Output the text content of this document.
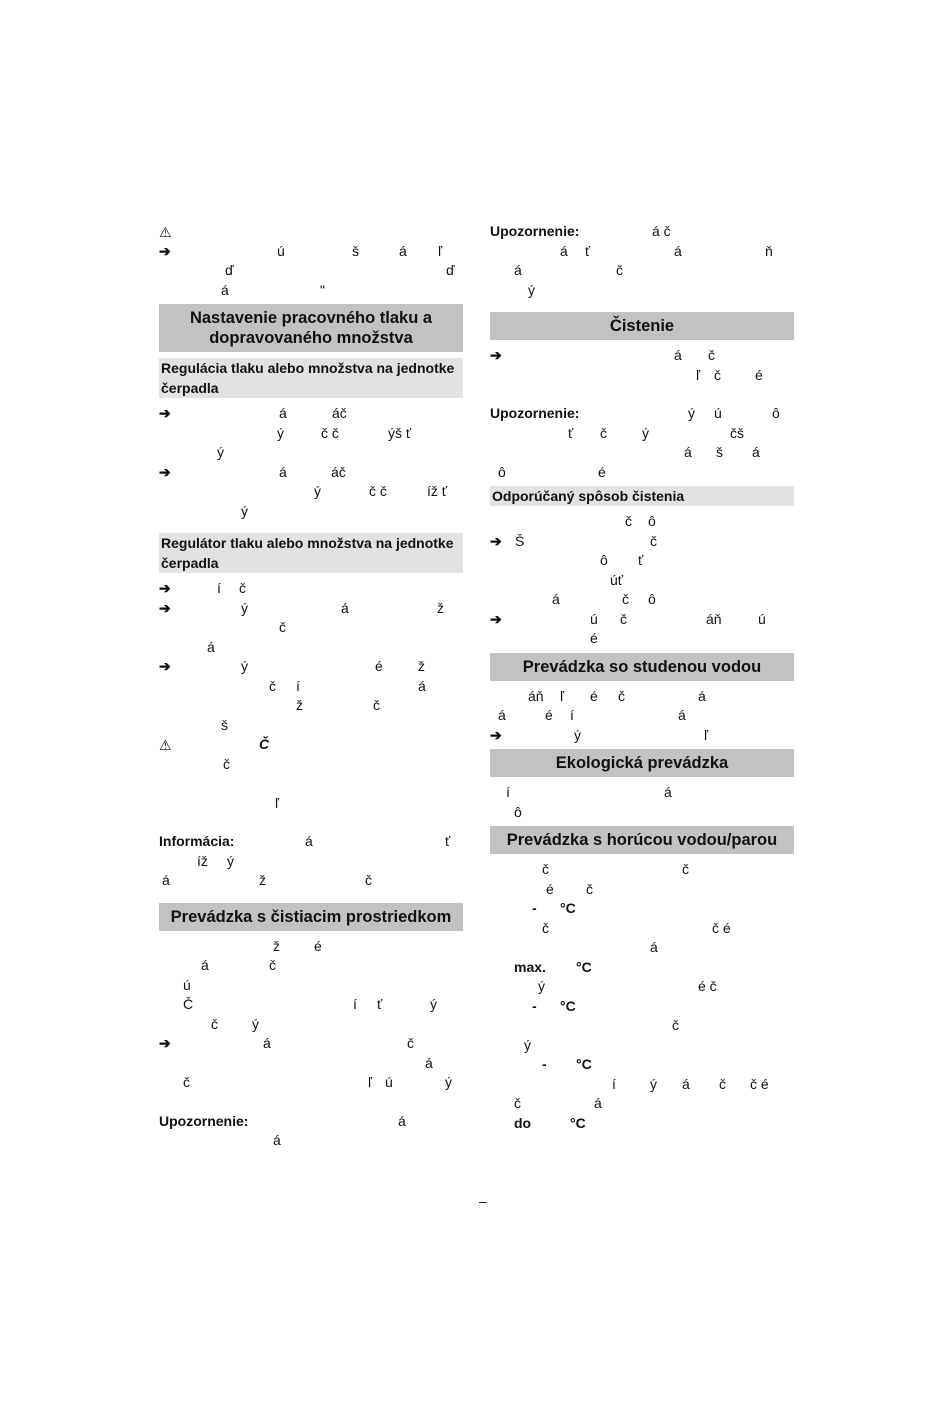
⚠
➔	ú	š	á ľ
ď	ď
á	"
Nastavenie pracovného tlaku a dopravovaného množstva
Regulácia tlaku alebo množstva na jednotke čerpadla
➔	á	áč
ý	č č	ýš ť
ý
➔	á	áč
ý	č č	íž ť
ý
Regulátor tlaku alebo množstva na jednotke čerpadla
➔	í č
➔	ý	á	ž
č
á
➔	ý	é	ž
č í	á
ž	č
š
⚠	Č
č
ľ
Informácia:	á	ť
íž ý
á	ž	č
Prevádzka s čistiacim prostriedkom
ž é
á	č
ú
Č	í ť	ý
č ý
➔	á	č
á
č	ľ ú	ý
Upozornenie:	á
á
Upozornenie:	á č
á ť	á	ň
á	č
ý
Čistenie
➔	á č
ľ č é
Upozornenie:	ý ú	ô
ť č	ý	čš
á š á
ô	é
Odporúčaný spôsob čistenia
č ô
➔ Š	č
ô ť
úť
á	č ô
➔	ú č	áň	ú
é
Prevádzka so studenou vodou
áň ľ é č	á
á	é í	á
➔	ý	ľ
Ekologická prevádzka
í	á
ô
Prevádzka s horúcou vodou/parou
č	č
é č
- °C
č	č é
á
max. °C
ý	é č
- °C
č
ý
- °C
í ý á č č é
č	á
do	°C
–
